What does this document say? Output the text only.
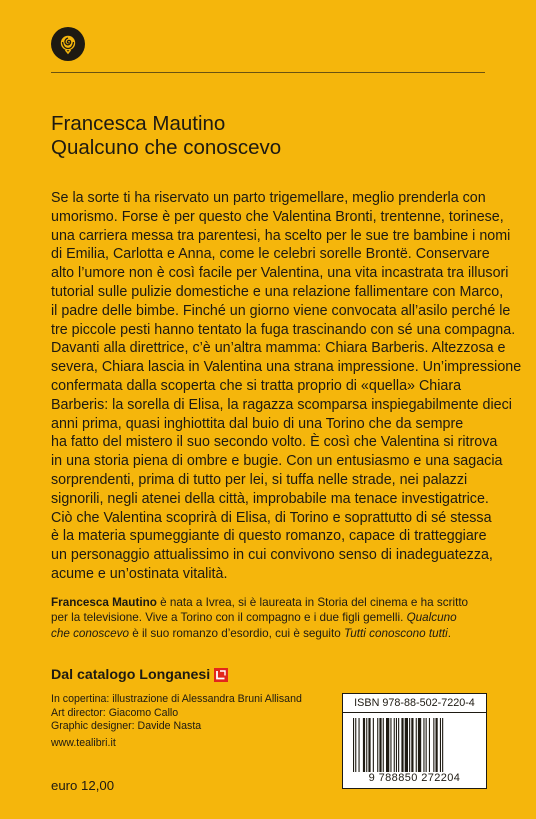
Francesca Mautino
Qualcuno che conoscevo
Se la sorte ti ha riservato un parto trigemellare, meglio prenderla con
umorismo. Forse è per questo che Valentina Bronti, trentenne, torinese,
una carriera messa tra parentesi, ha scelto per le sue tre bambine i nomi
di Emilia, Carlotta e Anna, come le celebri sorelle Brontë. Conservare
alto l’umore non è così facile per Valentina, una vita incastrata tra illusori
tutorial sulle pulizie domestiche e una relazione fallimentare con Marco,
il padre delle bimbe. Finché un giorno viene convocata all’asilo perché le
tre piccole pesti hanno tentato la fuga trascinando con sé una compagna.
Davanti alla direttrice, c’è un’altra mamma: Chiara Barberis. Altezzosa e
severa, Chiara lascia in Valentina una strana impressione. Un’impressione
confermata dalla scoperta che si tratta proprio di «quella» Chiara
Barberis: la sorella di Elisa, la ragazza scomparsa inspiegabilmente dieci
anni prima, quasi inghiottita dal buio di una Torino che da sempre
ha fatto del mistero il suo secondo volto. È così che Valentina si ritrova
in una storia piena di ombre e bugie. Con un entusiasmo e una sagacia
sorprendenti, prima di tutto per lei, si tuffa nelle strade, nei palazzi
signorili, negli atenei della città, improbabile ma tenace investigatrice.
Ciò che Valentina scoprirà di Elisa, di Torino e soprattutto di sé stessa
è la materia spumeggiante di questo romanzo, capace di tratteggiare
un personaggio attualissimo in cui convivono senso di inadeguatezza,
acume e un’ostinata vitalità.
Francesca Mautino è nata a Ivrea, si è laureata in Storia del cinema e ha scritto
per la televisione. Vive a Torino con il compagno e i due figli gemelli. Qualcuno
che conoscevo è il suo romanzo d’esordio, cui è seguito Tutti conoscono tutti.
Dal catalogo Longanesi
In copertina: illustrazione di Alessandra Bruni Allisand
Art director: Giacomo Callo
Graphic designer: Davide Nasta
www.tealibri.it
euro 12,00
ISBN 978-88-502-7220-4
9 788850 272204
